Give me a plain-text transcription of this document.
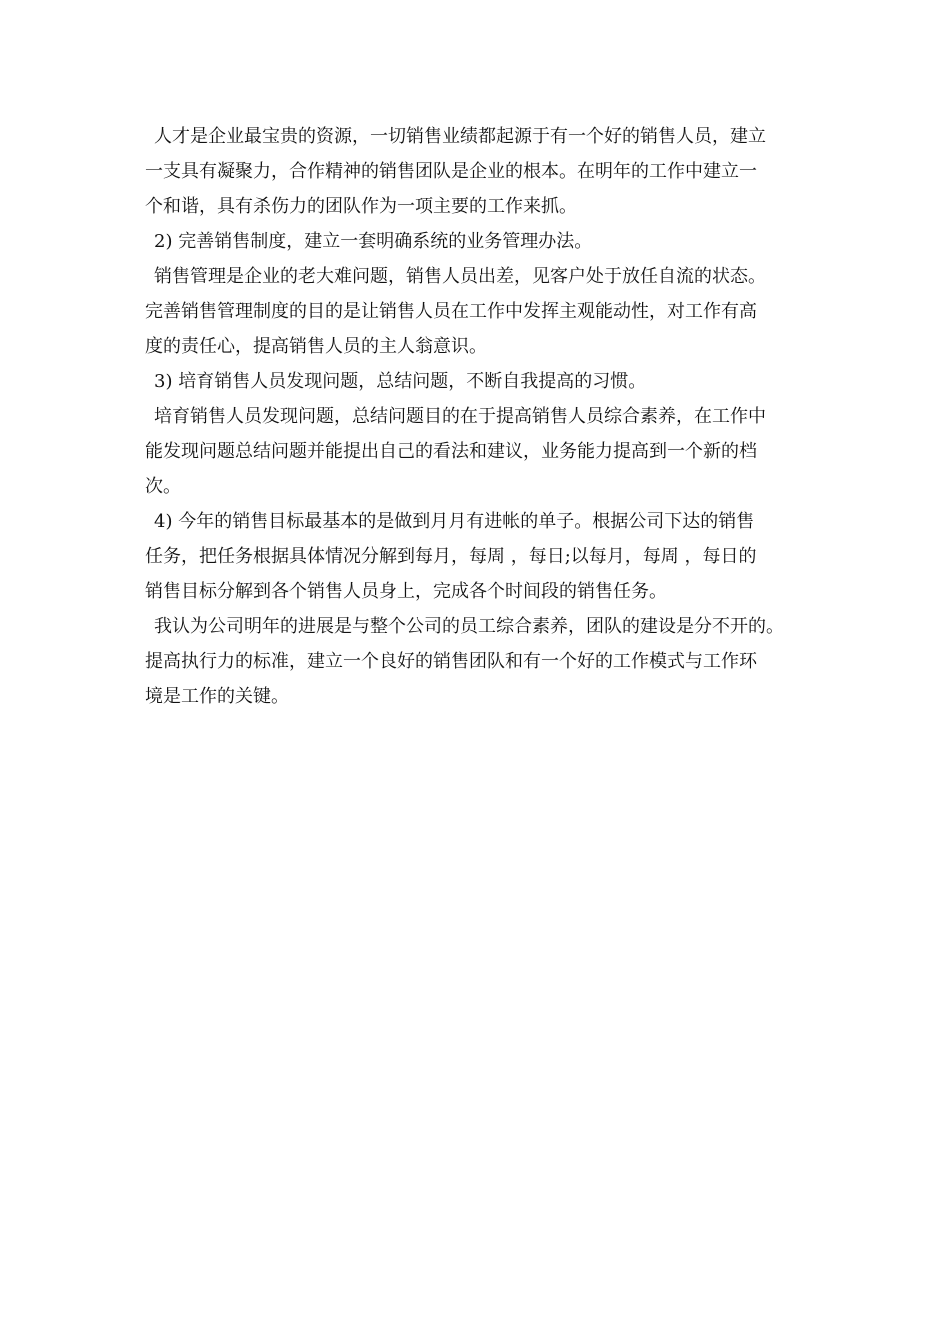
人才是企业最宝贵的资源，一切销售业绩都起源于有一个好的销售人员，建立
一支具有凝聚力，合作精神的销售团队是企业的根本。在明年的工作中建立一
个和谐，具有杀伤力的团队作为一项主要的工作来抓。
2) 完善销售制度，建立一套明确系统的业务管理办法。
销售管理是企业的老大难问题，销售人员出差，见客户处于放任自流的状态。
完善销售管理制度的目的是让销售人员在工作中发挥主观能动性，对工作有高
度的责任心，提高销售人员的主人翁意识。
3) 培育销售人员发现问题，总结问题，不断自我提高的习惯。
培育销售人员发现问题，总结问题目的在于提高销售人员综合素养，在工作中
能发现问题总结问题并能提出自己的看法和建议，业务能力提高到一个新的档
次。
4) 今年的销售目标最基本的是做到月月有进帐的单子。根据公司下达的销售
任务，把任务根据具体情况分解到每月，每周 ，每日;以每月，每周 ，每日的
销售目标分解到各个销售人员身上，完成各个时间段的销售任务。
我认为公司明年的进展是与整个公司的员工综合素养，团队的建设是分不开的。
提高执行力的标准，建立一个良好的销售团队和有一个好的工作模式与工作环
境是工作的关键。
